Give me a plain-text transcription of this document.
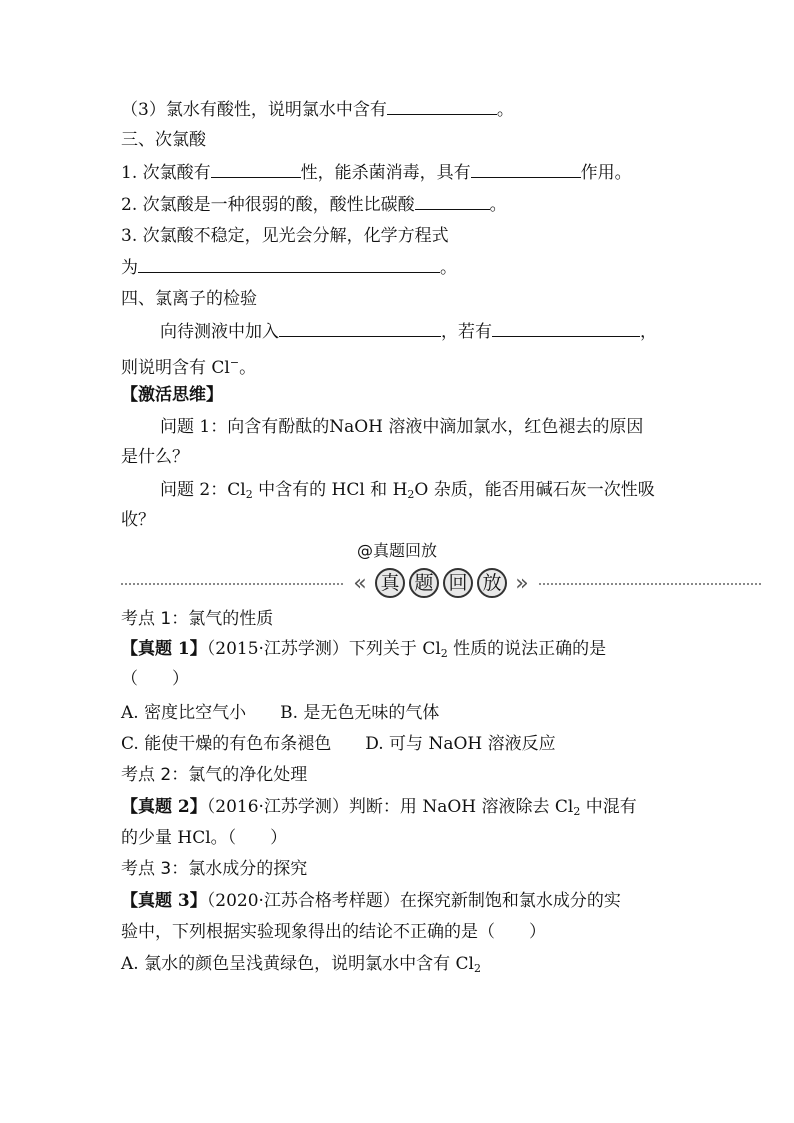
（3）氯水有酸性，说明氯水中含有	。
三、次氯酸
1. 次氯酸有	性，能杀菌消毒，具有	作用。
2. 次氯酸是一种很弱的酸，酸性比碳酸	。
3. 次氯酸不稳定，见光会分解，化学方程式
为	。
四、氯离子的检验
向待测液中加入	，若有	，
则说明含有 Cl−。
【激活思维】
问题 1：向含有酚酞的NaOH 溶液中滴加氯水，红色褪去的原因
是什么？
问题 2：$Cl_2$ 中含有的 HCl 和 $H_2O$ 杂质，能否用碱石灰一次性吸
收？
@真题回放
« 真 题 回 放 »
考点 1：氯气的性质
【真题 1】（2015·江苏学测）下列关于 $Cl_2$ 性质的说法正确的是
（　　）
A. 密度比空气小 B. 是无色无味的气体
C. 能使干燥的有色布条褪色 D. 可与 NaOH 溶液反应
考点 2：氯气的净化处理
【真题 2】（2016·江苏学测）判断：用 NaOH 溶液除去 $Cl_2$ 中混有
的少量 HCl。（　　）
考点 3：氯水成分的探究
【真题 3】（2020·江苏合格考样题）在探究新制饱和氯水成分的实
验中，下列根据实验现象得出的结论不正确的是（　　）
A. 氯水的颜色呈浅黄绿色，说明氯水中含有 $Cl_2$
